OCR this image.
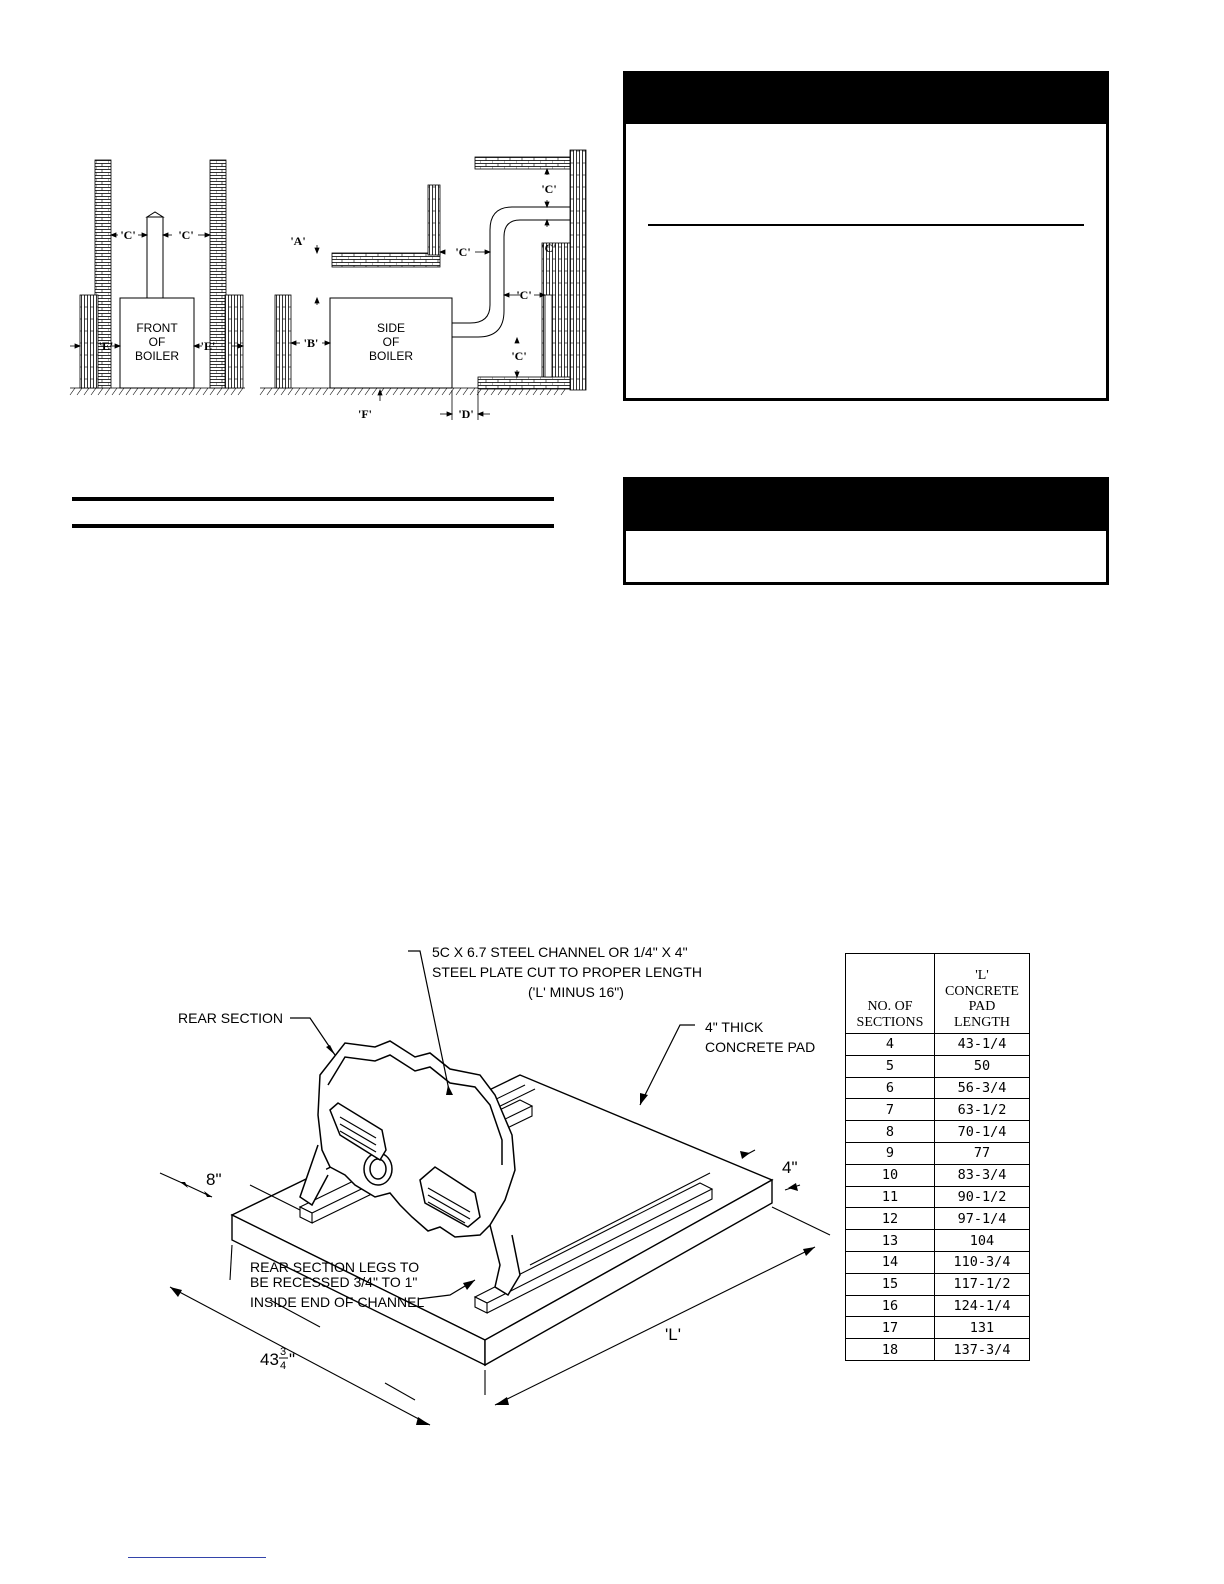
FRONT
OF
BOILER
'C'	'C'
'E'	'E'
SIDE
OF
BOILER
'A'
'B'
'C'
'C'
'C'
'C'
'C'
'F'	'D'
5C X 6.7 STEEL CHANNEL OR 1/4" X 4"
STEEL PLATE CUT TO PROPER LENGTH
('L' MINUS 16")
REAR SECTION
4" THICK
CONCRETE PAD
REAR SECTION LEGS TO
BE RECESSED 3/4" TO 1"
INSIDE END OF CHANNEL
8"
4"
43 3
4 "
'L'
NO. OF
SECTIONS	'L'
CONCRETE
PAD
LENGTH
4	43-1/4
5	50
6	56-3/4
7	63-1/2
8	70-1/4
9	77
10	83-3/4
11	90-1/2
12	97-1/4
13	104
14	110-3/4
15	117-1/2
16	124-1/4
17	131
18	137-3/4
